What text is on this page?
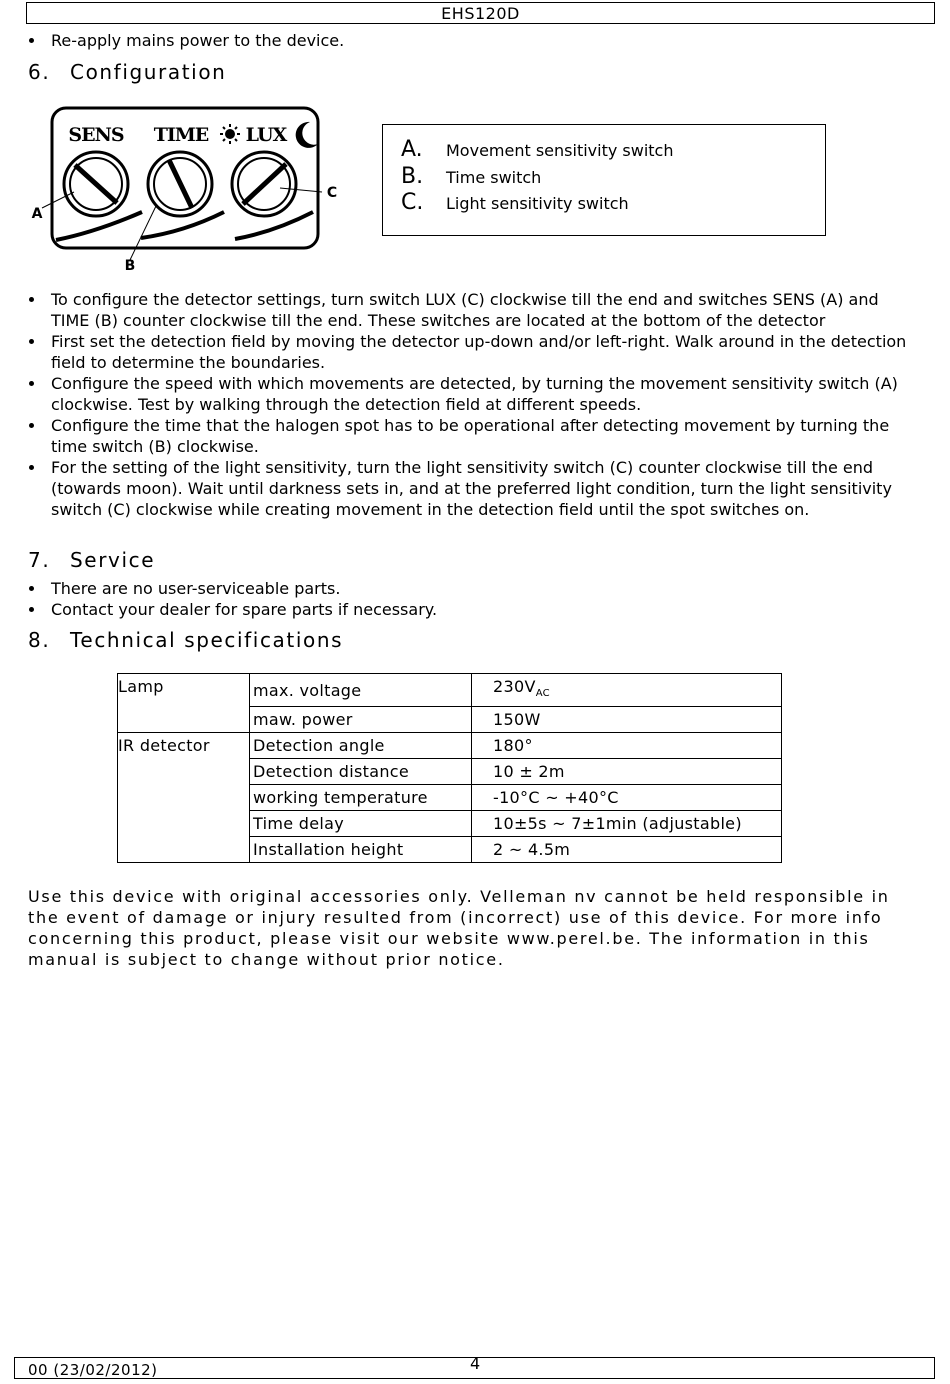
EHS120D
Re-apply mains power to the device.
6. Configuration
SENS TIME LUX
A
B
C
A. Movement sensitivity switch
B. Time switch
C. Light sensitivity switch
To configure the detector settings, turn switch LUX (C) clockwise till the end and switches SENS (A) and TIME (B) counter clockwise till the end. These switches are located at the bottom of the detector
First set the detection field by moving the detector up-down and/or left-right. Walk around in the detection field to determine the boundaries.
Configure the speed with which movements are detected, by turning the movement sensitivity switch (A) clockwise. Test by walking through the detection field at different speeds.
Configure the time that the halogen spot has to be operational after detecting movement by turning the time switch (B) clockwise.
For the setting of the light sensitivity, turn the light sensitivity switch (C) counter clockwise till the end (towards moon). Wait until darkness sets in, and at the preferred light condition, turn the light sensitivity switch (C) clockwise while creating movement in the detection field until the spot switches on.
7. Service
There are no user-serviceable parts.
Contact your dealer for spare parts if necessary.
8. Technical specifications
Lamp	max. voltage	$230V_{AC}$
	maw. power	150W
IR detector	Detection angle	180°
	Detection distance	10 ± 2m
	working temperature	-10°C ~ +40°C
	Time delay	10±5s ~ 7±1min (adjustable)
	Installation height	2 ~ 4.5m

Use this device with original accessories only. Velleman nv cannot be held responsible in the event of damage or injury resulted from (incorrect) use of this device. For more info concerning this product, please visit our website www.perel.be. The information in this manual is subject to change without prior notice.

00 (23/02/2012)	4
